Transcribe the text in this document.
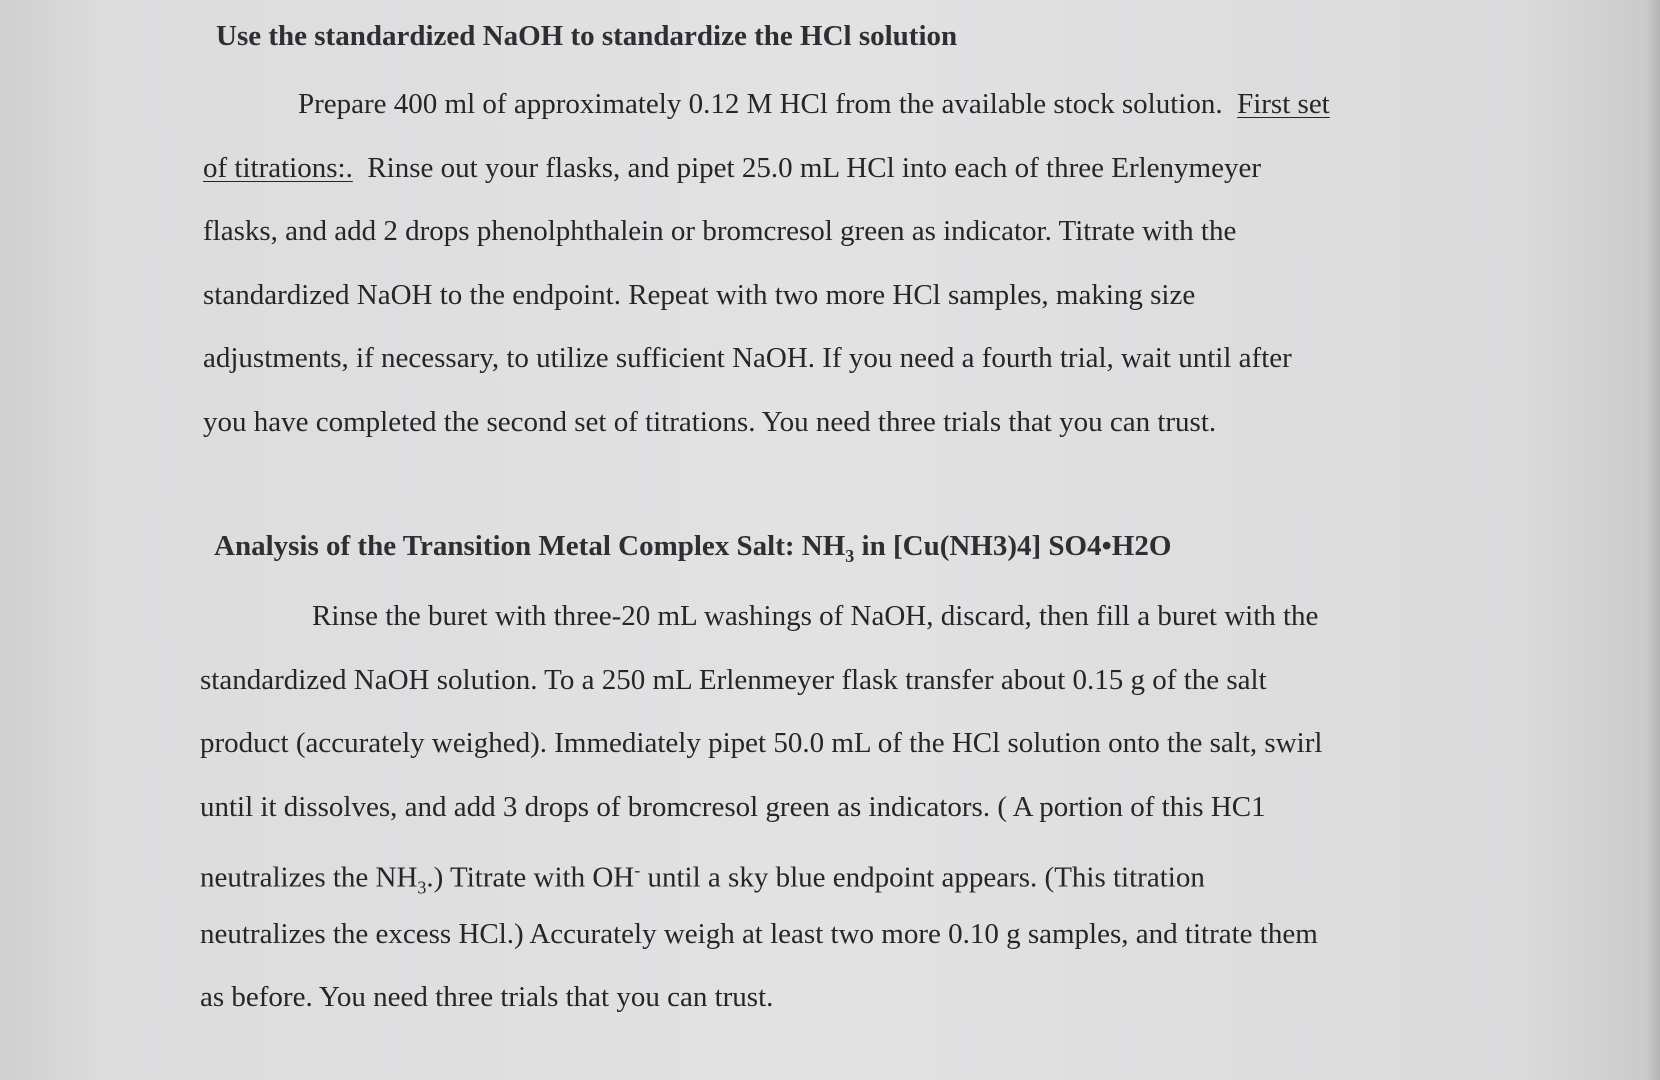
Use the standardized NaOH to standardize the HCl solution
Prepare 400 ml of approximately 0.12 M HCl from the available stock solution. First set
of titrations:. Rinse out your flasks, and pipet 25.0 mL HCl into each of three Erlenymeyer
flasks, and add 2 drops phenolphthalein or bromcresol green as indicator. Titrate with the
standardized NaOH to the endpoint. Repeat with two more HCl samples, making size
adjustments, if necessary, to utilize sufficient NaOH. If you need a fourth trial, wait until after
you have completed the second set of titrations. You need three trials that you can trust.
Analysis of the Transition Metal Complex Salt: $NH_3$ in [Cu(NH3)4] SO4•H2O
Rinse the buret with three-20 mL washings of NaOH, discard, then fill a buret with the
standardized NaOH solution. To a 250 mL Erlenmeyer flask transfer about 0.15 g of the salt
product (accurately weighed). Immediately pipet 50.0 mL of the HCl solution onto the salt, swirl
until it dissolves, and add 3 drops of bromcresol green as indicators. ( A portion of this HC1
neutralizes the $NH_3$.) Titrate with OH- until a sky blue endpoint appears. (This titration
neutralizes the excess HCl.) Accurately weigh at least two more 0.10 g samples, and titrate them
as before. You need three trials that you can trust.
